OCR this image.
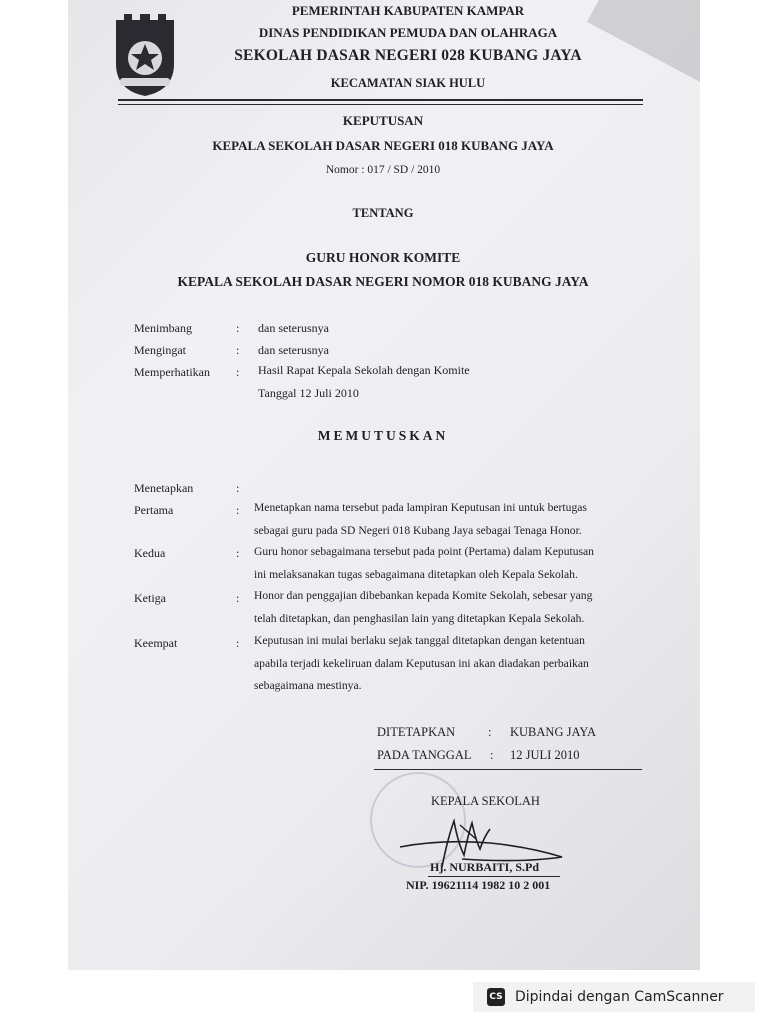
PEMERINTAH KABUPATEN KAMPAR
DINAS PENDIDIKAN PEMUDA DAN OLAHRAGA
SEKOLAH DASAR NEGERI 028 KUBANG JAYA
KECAMATAN SIAK HULU
KEPUTUSAN
KEPALA SEKOLAH DASAR NEGERI 018 KUBANG JAYA
Nomor : 017 / SD / 2010
TENTANG
GURU HONOR KOMITE
KEPALA SEKOLAH DASAR NEGERI NOMOR 018 KUBANG JAYA
Menimbang	: dan seterusnya
Mengingat	: dan seterusnya
Memperhatikan : Hasil Rapat Kepala Sekolah dengan Komite
Tanggal 12 Juli 2010
MEMUTUSKAN
Menetapkan	:
Pertama	: Menetapkan nama tersebut pada lampiran Keputusan ini untuk bertugas
sebagai guru pada SD Negeri 018 Kubang Jaya sebagai Tenaga Honor.
Kedua	: Guru honor sebagaimana tersebut pada point (Pertama) dalam Keputusan
ini melaksanakan tugas sebagaimana ditetapkan oleh Kepala Sekolah.
Ketiga	: Honor dan penggajian dibebankan kepada Komite Sekolah, sebesar yang
telah ditetapkan, dan penghasilan lain yang ditetapkan Kepala Sekolah.
Keempat	: Keputusan ini mulai berlaku sejak tanggal ditetapkan dengan ketentuan
apabila terjadi kekeliruan dalam Keputusan ini akan diadakan perbaikan
sebagaimana mestinya.
DITETAPKAN	: KUBANG JAYA
PADA TANGGAL : 12 JULI 2010
KEPALA SEKOLAH
Hj. NURBAITI, S.Pd
NIP. 19621114 1982 10 2 001
CS Dipindai dengan CamScanner
